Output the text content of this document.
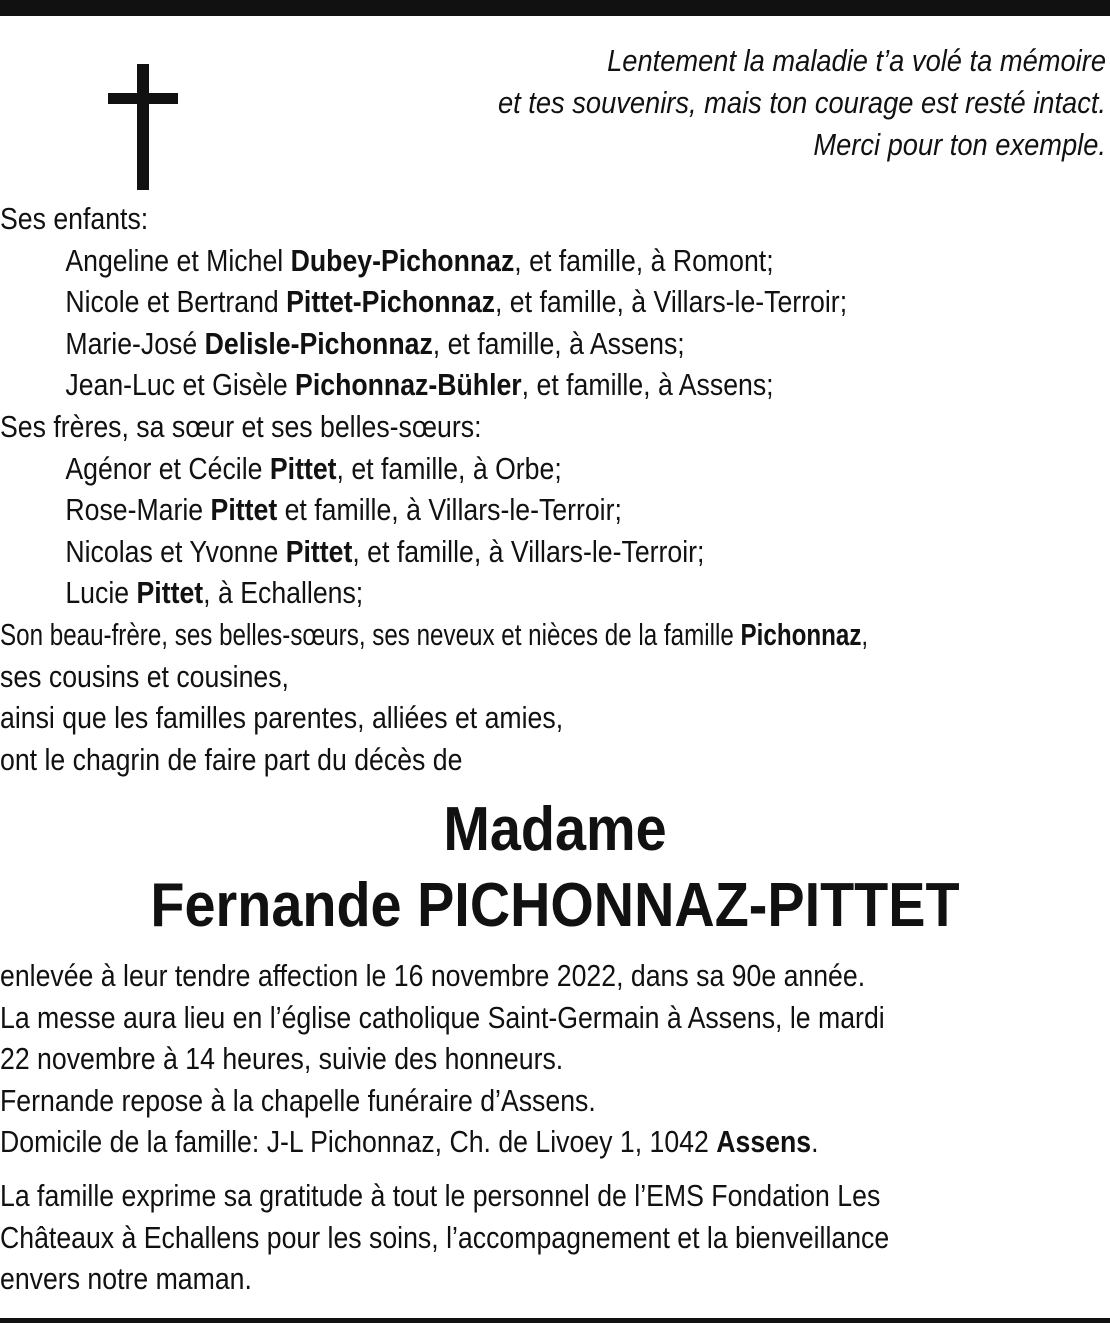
Lentement la maladie t’a volé ta mémoire
et tes souvenirs, mais ton courage est resté intact.
Merci pour ton exemple.
Ses enfants:
Angeline et Michel Dubey-Pichonnaz, et famille, à Romont;
Nicole et Bertrand Pittet-Pichonnaz, et famille, à Villars-le-Terroir;
Marie-José Delisle-Pichonnaz, et famille, à Assens;
Jean-Luc et Gisèle Pichonnaz-Bühler, et famille, à Assens;
Ses frères, sa sœur et ses belles-sœurs:
Agénor et Cécile Pittet, et famille, à Orbe;
Rose-Marie Pittet et famille, à Villars-le-Terroir;
Nicolas et Yvonne Pittet, et famille, à Villars-le-Terroir;
Lucie Pittet, à Echallens;
Son beau-frère, ses belles-sœurs, ses neveux et nièces de la famille Pichonnaz,
ses cousins et cousines,
ainsi que les familles parentes, alliées et amies,
ont le chagrin de faire part du décès de
Madame
Fernande PICHONNAZ-PITTET
enlevée à leur tendre affection le 16 novembre 2022, dans sa 90e année.
La messe aura lieu en l’église catholique Saint-Germain à Assens, le mardi
22 novembre à 14 heures, suivie des honneurs.
Fernande repose à la chapelle funéraire d’Assens.
Domicile de la famille: J-L Pichonnaz, Ch. de Livoey 1, 1042 Assens.
La famille exprime sa gratitude à tout le personnel de l’EMS Fondation Les
Châteaux à Echallens pour les soins, l’accompagnement et la bienveillance
envers notre maman.
